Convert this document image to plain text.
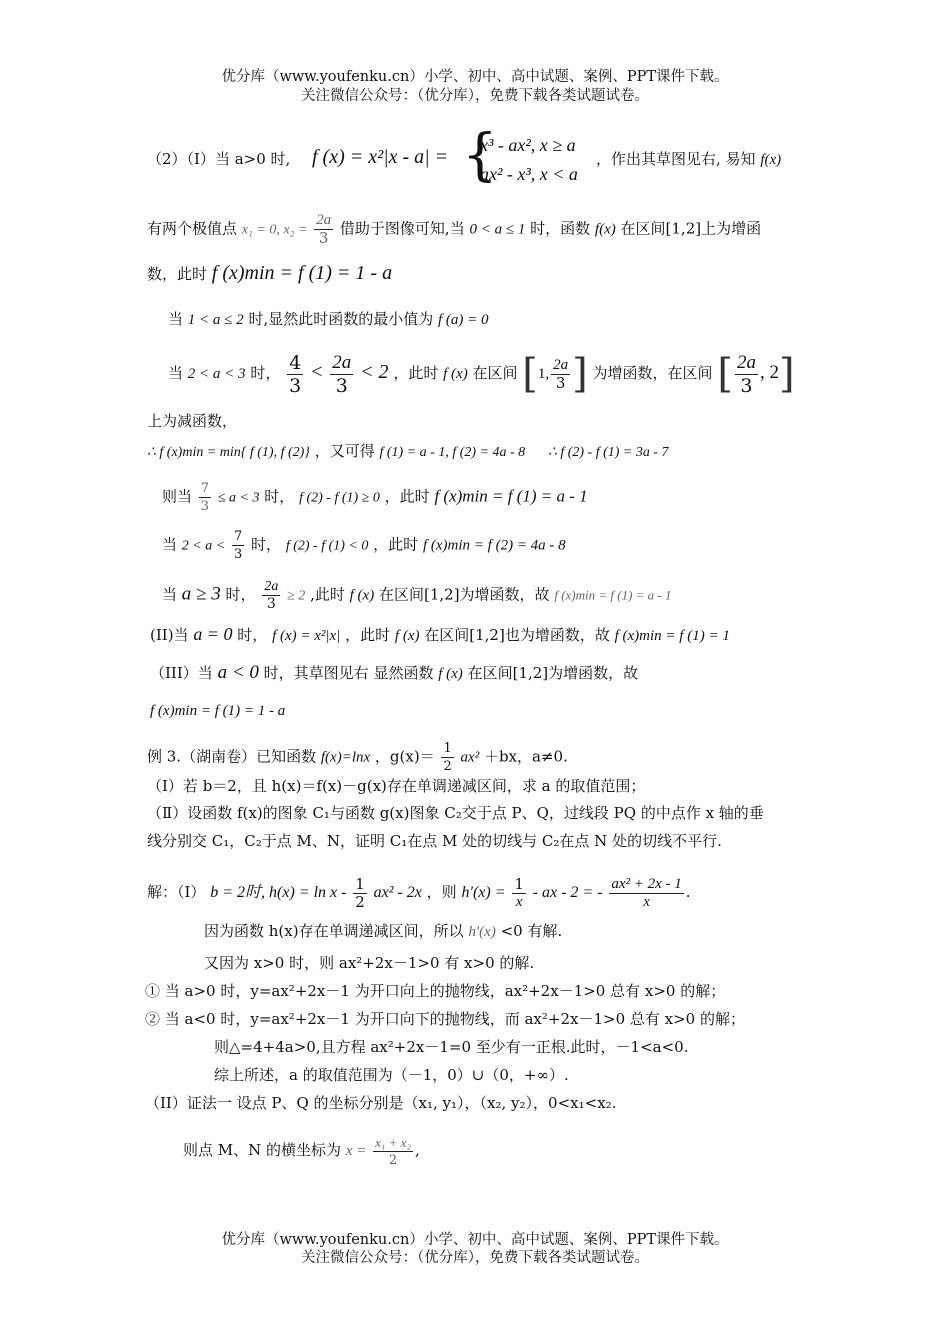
优分库（www.youfenku.cn）小学、初中、高中试题、案例、PPT课件下载。
关注微信公众号：（优分库），免费下载各类试题试卷。
（2）（I）当 a>0 时, f (x) = x²|x - a| = {
x³ - ax², x ≥ a
ax² - x³, x < a
，作出其草图见右, 易知 f(x)
有两个极值点 x₁ = 0, $x_2 = \frac{2a}{3}$ 借助于图像可知,当 0 < a ≤ 1 时，函数 f(x) 在区间[1,2]上为增函
数，此时 f (x)min = f (1) = 1 - a
当 1 < a ≤ 2 时,显然此时函数的最小值为 f (a) = 0
当 2 < a < 3 时， $\frac{4}{3} < \frac{2a}{3} < 2$ ，此时 f (x) 在区间 [1, $\frac{2a}{3}$ ] 为增函数，在区间 [ $\frac{2a}{3}$ , 2]
上为减函数，
∴ f (x)min = min{ f (1), f (2)} ，又可得 f (1) = a - 1, f (2) = 4a - 8 ∴ f (2) - f (1) = 3a - 7
则当 $\frac{7}{3} \le a < 3$ 时， f (2) - f (1) ≥ 0 ，此时 f (x)min = f (1) = a - 1
当 $2 < a < \frac{7}{3}$ 时， f (2) - f (1) < 0 ，此时 f (x)min = f (2) = 4a - 8
当 a ≥ 3 时， $\frac{2a}{3} \ge 2$ ,此时 f (x) 在区间[1,2]为增函数，故 f (x)min = f (1) = a - 1
(II)当 a = 0 时， f (x) = x²|x| ，此时 f (x) 在区间[1,2]也为增函数，故 f (x)min = f (1) = 1
（III）当 a < 0 时，其草图见右 显然函数 f (x) 在区间[1,2]为增函数，故
f (x)min = f (1) = 1 - a
例 3.（湖南卷）已知函数 f(x)=lnx ，$g(x)= \frac{1}{2} ax^2 +bx$，a≠0.
（Ⅰ）若 b＝2，且 h(x)＝f(x)－g(x)存在单调递减区间，求 a 的取值范围；
（Ⅱ）设函数 f(x)的图象 C₁与函数 g(x)图象 C₂交于点 P、Q，过线段 PQ 的中点作 x 轴的垂
线分别交 C₁，C₂于点 M、N，证明 C₁在点 M 处的切线与 C₂在点 N 处的切线不平行.
解：（I） b = 2时, $h(x) = \ln x - \frac{1}{2} ax^2 - 2x$ ，则 $h'(x) = \frac{1}{x}$ - ax - 2 = - $\frac{\text{ax² + 2x - 1}}{x}$ .
因为函数 h(x)存在单调递减区间，所以 h′(x) <0 有解.
又因为 x>0 时，则 ax²+2x－1>0 有 x>0 的解.
① 当 a>0 时，y=ax²+2x－1 为开口向上的抛物线，ax²+2x－1>0 总有 x>0 的解；
② 当 a<0 时，y=ax²+2x－1 为开口向下的抛物线，而 ax²+2x－1>0 总有 x>0 的解；
则△=4+4a>0,且方程 ax²+2x－1=0 至少有一正根.此时，－1<a<0.
综上所述，a 的取值范围为（－1，0）∪（0，+∞）.
（II）证法一 设点 P、Q 的坐标分别是（x₁, y₁），（x₂, y₂），0<x₁<x₂.
则点 M、N 的横坐标为 $x = \frac{\text{x₁ + x₂}}{2}$ ,
优分库（www.youfenku.cn）小学、初中、高中试题、案例、PPT课件下载。
关注微信公众号：（优分库），免费下载各类试题试卷。
